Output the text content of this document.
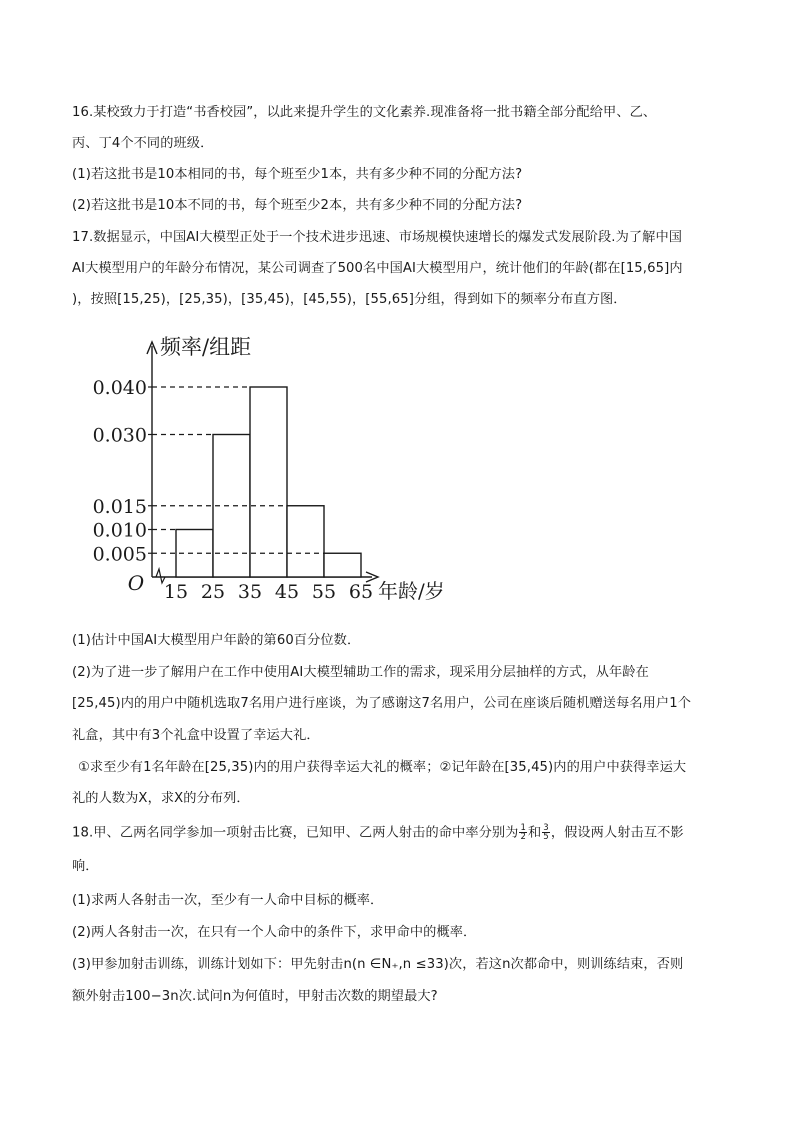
16.某校致力于打造“书香校园”，以此来提升学生的文化素养.现准备将一批书籍全部分配给甲、乙、
丙、丁4个不同的班级．
(1)若这批书是10本相同的书，每个班至少1本，共有多少种不同的分配方法?
(2)若这批书是10本不同的书，每个班至少2本，共有多少种不同的分配方法?
17.数据显示，中国AI大模型正处于一个技术进步迅速、市场规模快速增长的爆发式发展阶段.为了解中国
AI大模型用户的年龄分布情况，某公司调查了500名中国AI大模型用户，统计他们的年龄(都在[15,65]内
)，按照[15,25)，[25,35)，[35,45)，[45,55)，[55,65]分组，得到如下的频率分布直方图．
0.040
0.030
0.015
0.010
0.005
15 25 35 45 55 65
O
频率/组距
年龄/岁
(1)估计中国AI大模型用户年龄的第60百分位数．
(2)为了进一步了解用户在工作中使用AI大模型辅助工作的需求，现采用分层抽样的方式，从年龄在
[25,45)内的用户中随机选取7名用户进行座谈，为了感谢这7名用户，公司在座谈后随机赠送每名用户1个
礼盒，其中有3个礼盒中设置了幸运大礼．
①求至少有1名年龄在[25,35)内的用户获得幸运大礼的概率；②记年龄在[35,45)内的用户中获得幸运大
礼的人数为X，求X的分布列．
18.甲、乙两名同学参加一项射击比赛，已知甲、乙两人射击的命中率分别为 $\frac{1}{2}$ 和 $\frac{3}{5}$ ，假设两人射击互不影
响．
(1)求两人各射击一次，至少有一人命中目标的概率．
(2)两人各射击一次，在只有一个人命中的条件下，求甲命中的概率．
(3)甲参加射击训练，训练计划如下：甲先射击n(n ∈N₊,n ≤33)次，若这n次都命中，则训练结束，否则
额外射击100−3n次.试问n为何值时，甲射击次数的期望最大?
